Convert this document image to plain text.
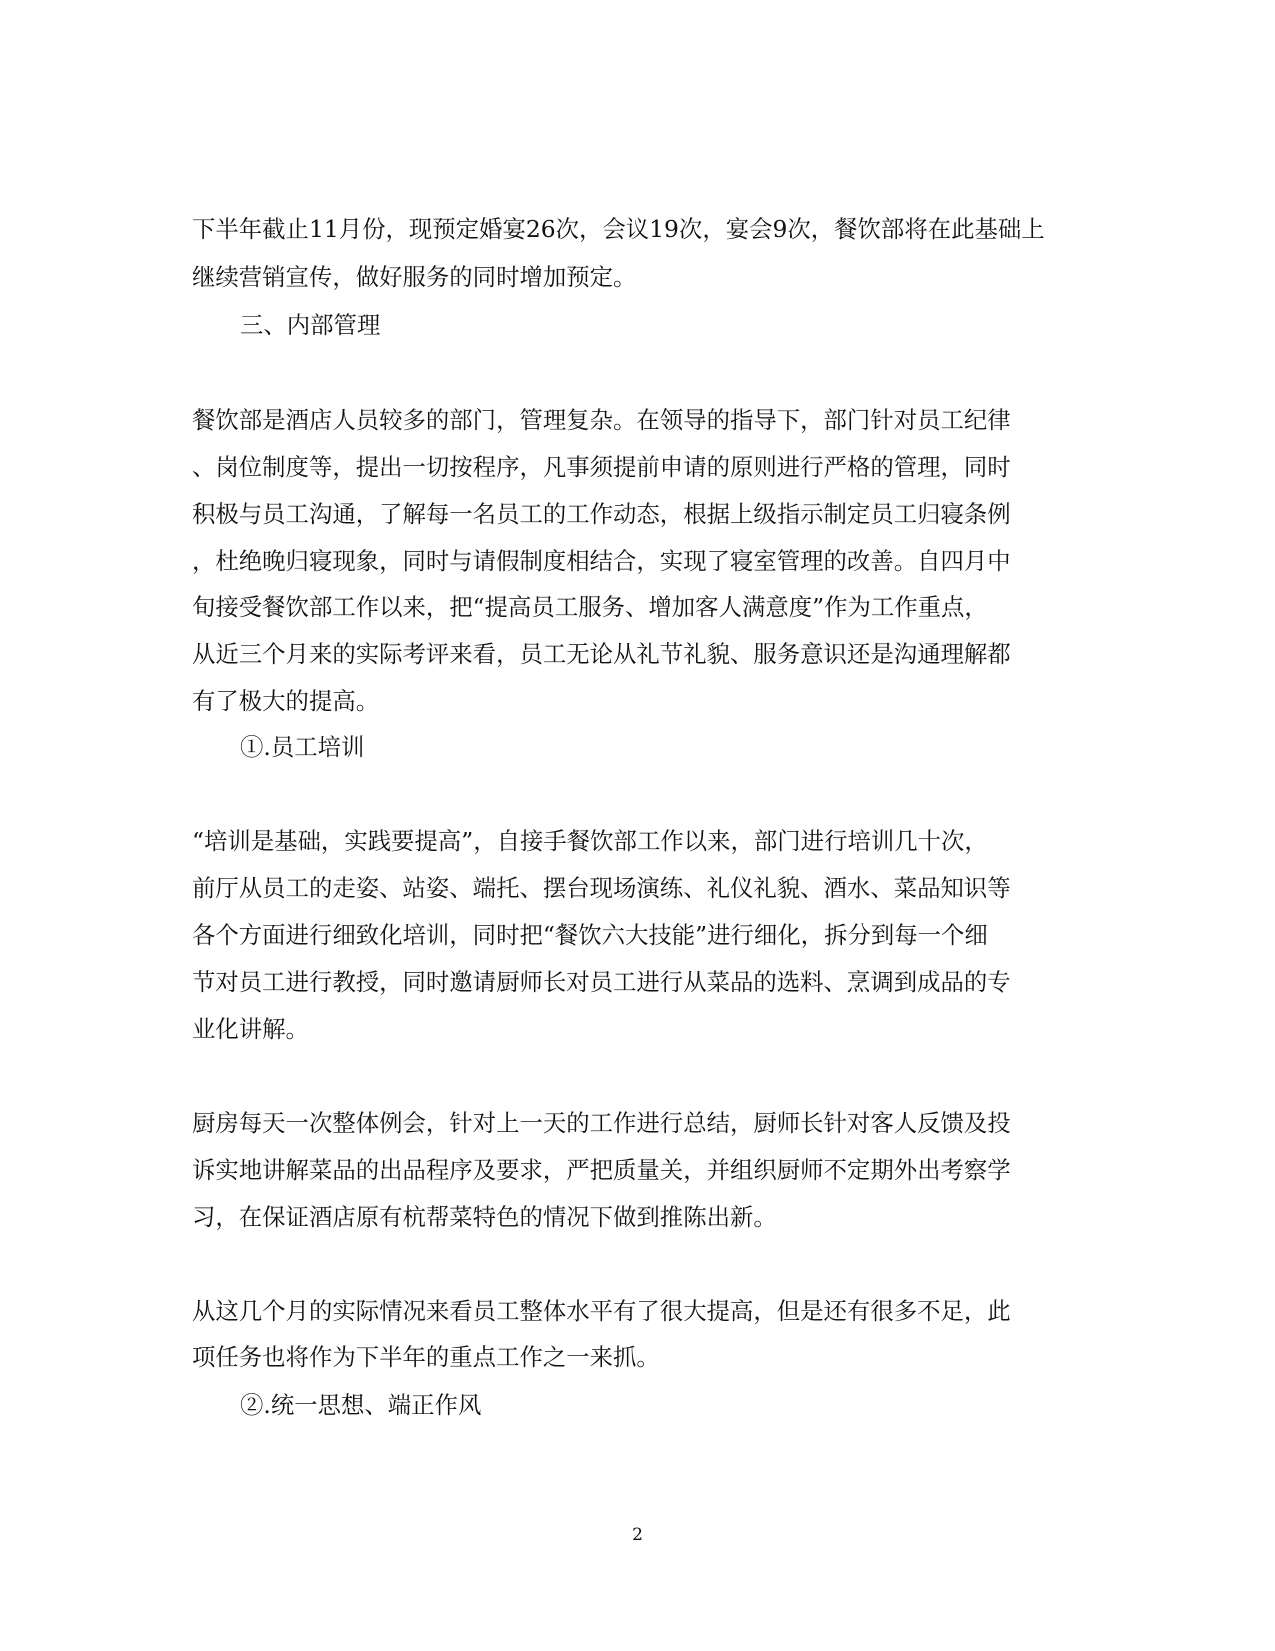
下半年截止11月份，现预定婚宴26次，会议19次，宴会9次，餐饮部将在此基础上
继续营销宣传，做好服务的同时增加预定。
三、内部管理
餐饮部是酒店人员较多的部门，管理复杂。在领导的指导下，部门针对员工纪律
、岗位制度等，提出一切按程序，凡事须提前申请的原则进行严格的管理，同时
积极与员工沟通，了解每一名员工的工作动态，根据上级指示制定员工归寝条例
，杜绝晚归寝现象，同时与请假制度相结合，实现了寝室管理的改善。自四月中
旬接受餐饮部工作以来，把“提高员工服务、增加客人满意度”作为工作重点，
从近三个月来的实际考评来看，员工无论从礼节礼貌、服务意识还是沟通理解都
有了极大的提高。
①.员工培训
“培训是基础，实践要提高”，自接手餐饮部工作以来，部门进行培训几十次，
前厅从员工的走姿、站姿、端托、摆台现场演练、礼仪礼貌、酒水、菜品知识等
各个方面进行细致化培训，同时把“餐饮六大技能”进行细化，拆分到每一个细
节对员工进行教授，同时邀请厨师长对员工进行从菜品的选料、烹调到成品的专
业化讲解。
厨房每天一次整体例会，针对上一天的工作进行总结，厨师长针对客人反馈及投
诉实地讲解菜品的出品程序及要求，严把质量关，并组织厨师不定期外出考察学
习，在保证酒店原有杭帮菜特色的情况下做到推陈出新。
从这几个月的实际情况来看员工整体水平有了很大提高，但是还有很多不足，此
项任务也将作为下半年的重点工作之一来抓。
②.统一思想、端正作风
2
